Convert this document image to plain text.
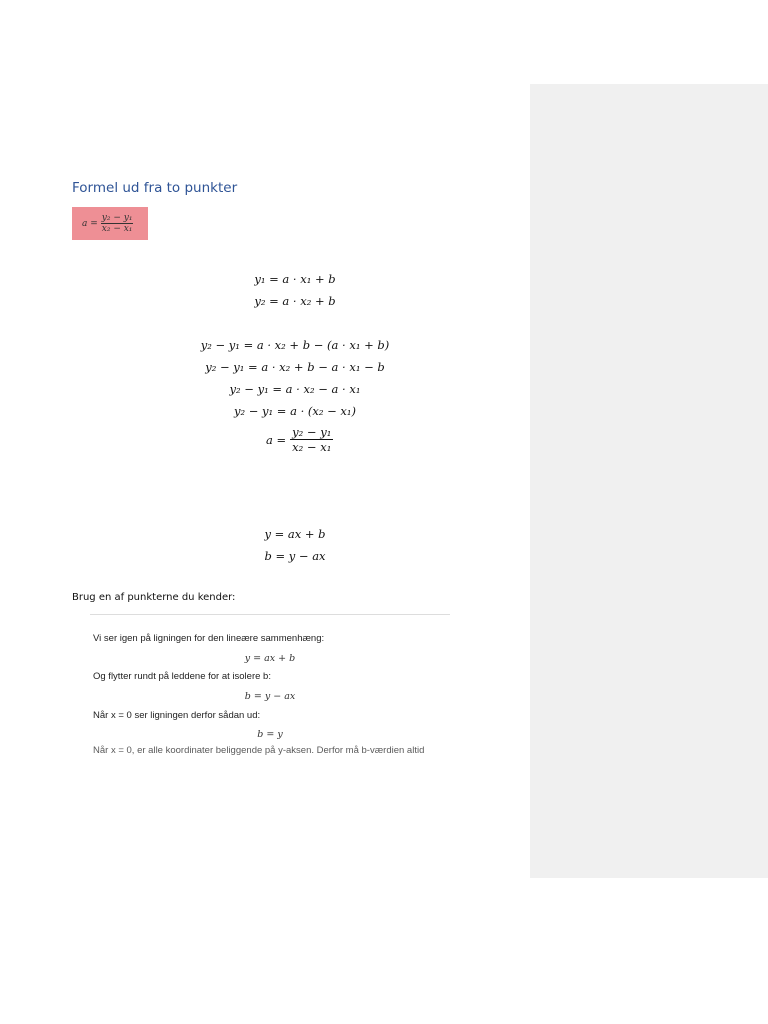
Formel ud fra to punkter
$a = \frac{\text{y₂ − y₁}}{\text{x₂ − x₁}}$
y₁ = a · x₁ + b
y₂ = a · x₂ + b
y₂ − y₁ = a · x₂ + b − (a · x₁ + b)
y₂ − y₁ = a · x₂ + b − a · x₁ − b
y₂ − y₁ = a · x₂ − a · x₁
y₂ − y₁ = a · (x₂ − x₁)
$a = \frac{\text{y₂ − y₁}}{\text{x₂ − x₁}}$
y = ax + b
b = y − ax
Brug en af punkterne du kender:
Vi ser igen på ligningen for den lineære sammenhæng:
y = ax + b
Og flytter rundt på leddene for at isolere b:
b = y − ax
Når x = 0 ser ligningen derfor sådan ud:
b = y
Når x = 0, er alle koordinater beliggende på y-aksen. Derfor må b-værdien altid
